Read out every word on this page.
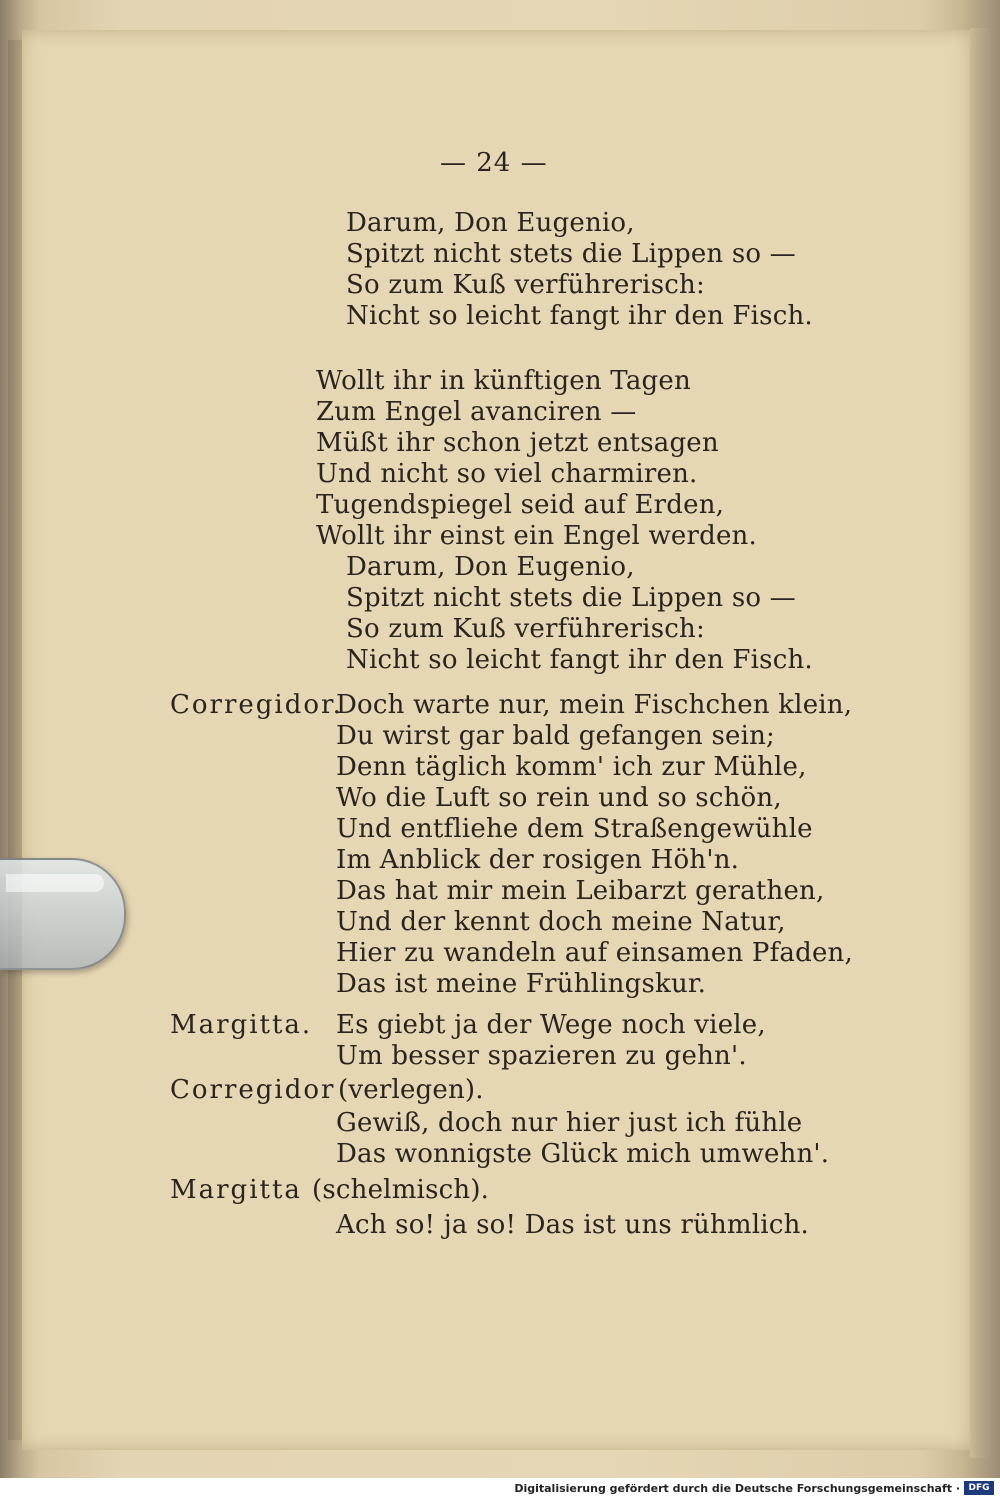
— 24 —
Darum, Don Eugenio,
Spitzt nicht stets die Lippen so —
So zum Kuß verführerisch:
Nicht so leicht fangt ihr den Fisch.
Wollt ihr in künftigen Tagen
Zum Engel avanciren —
Müßt ihr schon jetzt entsagen
Und nicht so viel charmiren.
Tugendspiegel seid auf Erden,
Wollt ihr einst ein Engel werden.
Darum, Don Eugenio,
Spitzt nicht stets die Lippen so —
So zum Kuß verführerisch:
Nicht so leicht fangt ihr den Fisch.
Corregidor.
Doch warte nur, mein Fischchen klein,
Du wirst gar bald gefangen sein;
Denn täglich komm' ich zur Mühle,
Wo die Luft so rein und so schön,
Und entfliehe dem Straßengewühle
Im Anblick der rosigen Höh'n.
Das hat mir mein Leibarzt gerathen,
Und der kennt doch meine Natur,
Hier zu wandeln auf einsamen Pfaden,
Das ist meine Frühlingskur.
Margitta. Es giebt ja der Wege noch viele,
Um besser spazieren zu gehn'.
Corregidor (verlegen).
Gewiß, doch nur hier just ich fühle
Das wonnigste Glück mich umwehn'.
Margitta (schelmisch).
Ach so! ja so! Das ist uns rühmlich.
Digitalisierung gefördert durch die Deutsche Forschungsgemeinschaft · DFG
